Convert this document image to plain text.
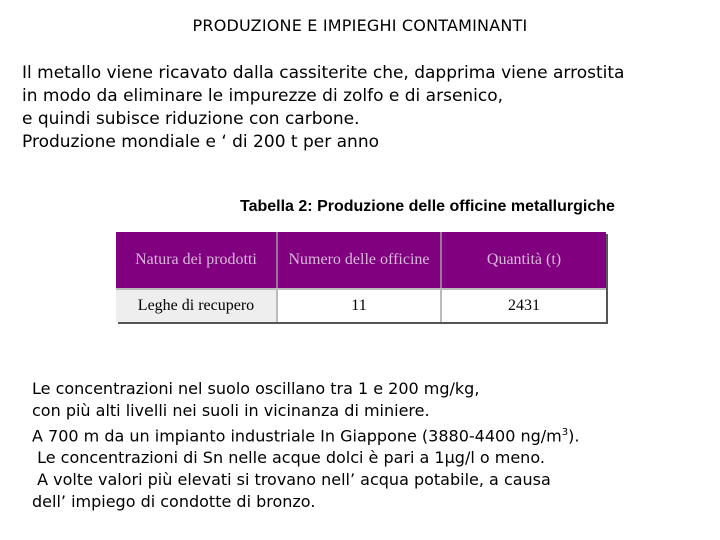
PRODUZIONE E IMPIEGHI CONTAMINANTI
Il metallo viene ricavato dalla cassiterite che, dapprima viene arrostita
in modo da eliminare le impurezze di zolfo e di arsenico,
e quindi subisce riduzione con carbone.
Produzione mondiale e ‘ di 200 t per anno
Tabella 2: Produzione delle officine metallurgiche
Natura dei prodotti	Numero delle officine	Quantità (t)
Leghe di recupero	11	2431
Le concentrazioni nel suolo oscillano tra 1 e 200 mg/kg,
con più alti livelli nei suoli in vicinanza di miniere.
A 700 m da un impianto industriale In Giappone (3880-4400 $ng/m^3$).
Le concentrazioni di Sn nelle acque dolci è pari a 1μg/l o meno.
A volte valori più elevati si trovano nell’ acqua potabile, a causa
dell’ impiego di condotte di bronzo.
